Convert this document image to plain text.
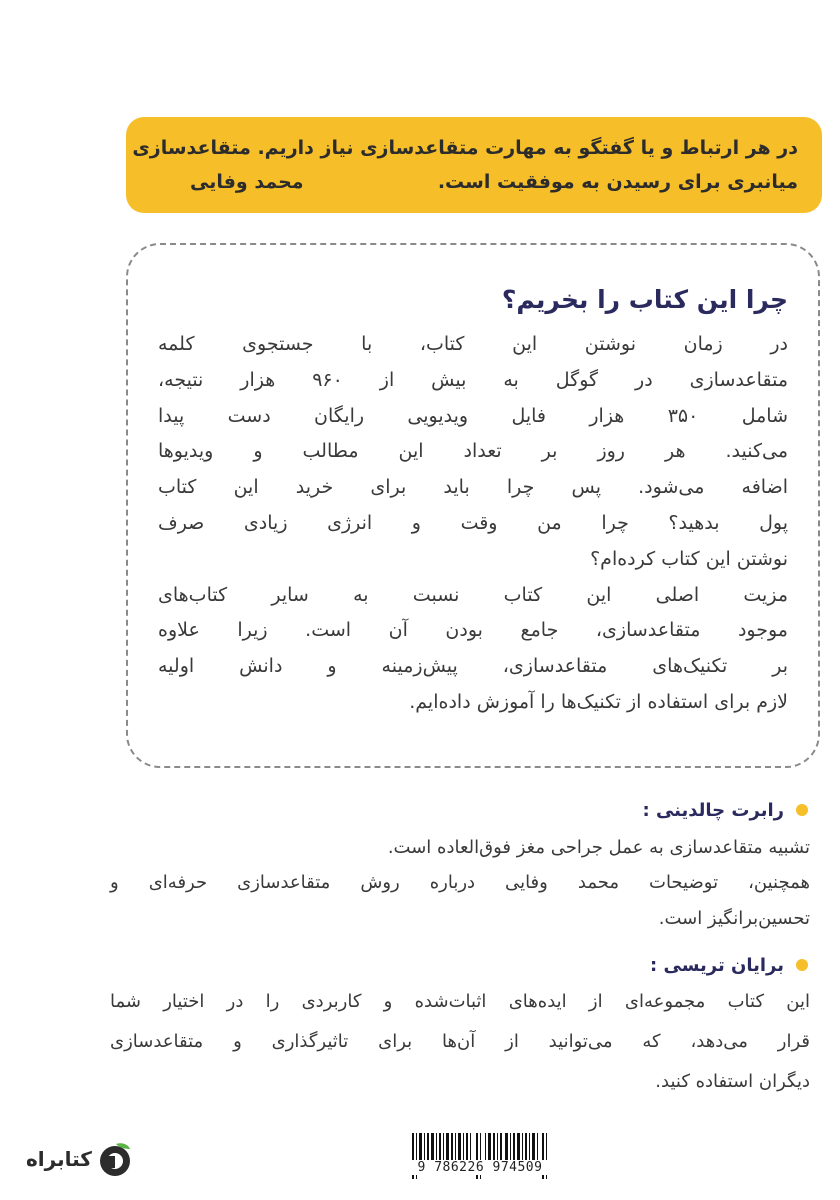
در هر ارتباط و یا گفتگو به مهارت متقاعدسازی نیاز داریم. متقاعدسازی
میانبری برای رسیدن به موفقیت است.
محمد وفایی
چرا این کتاب را بخریم؟
در زمان نوشتن این کتاب، با جستجوی کلمه
متقاعدسازی در گوگل به بیش از ۹۶۰ هزار نتیجه،
شامل ۳۵۰ هزار فایل ویدیویی رایگان دست پیدا
می‌کنید. هر روز بر تعداد این مطالب و ویدیوها
اضافه می‌شود. پس چرا باید برای خرید این کتاب
پول بدهید؟ چرا من وقت و انرژی زیادی صرف
نوشتن این کتاب کرده‌ام؟
مزیت اصلی این کتاب نسبت به سایر کتاب‌های
موجود متقاعدسازی، جامع بودن آن است. زیرا علاوه
بر تکنیک‌های متقاعدسازی، پیش‌زمینه و دانش اولیه
لازم برای استفاده از تکنیک‌ها را آموزش داده‌ایم.
رابرت چالدینی :
تشبیه متقاعدسازی به عمل جراحی مغز فوق‌العاده است.
همچنین، توضیحات محمد وفایی درباره روش متقاعدسازی حرفه‌ای و
تحسین‌برانگیز است.
برایان تریسی :
این کتاب مجموعه‌ای از ایده‌های اثبات‌شده و کاربردی را در اختیار شما
قرار می‌دهد، که می‌توانید از آن‌ها برای تاثیرگذاری و متقاعدسازی
دیگران استفاده کنید.
9 786226 974509
کتابراه
